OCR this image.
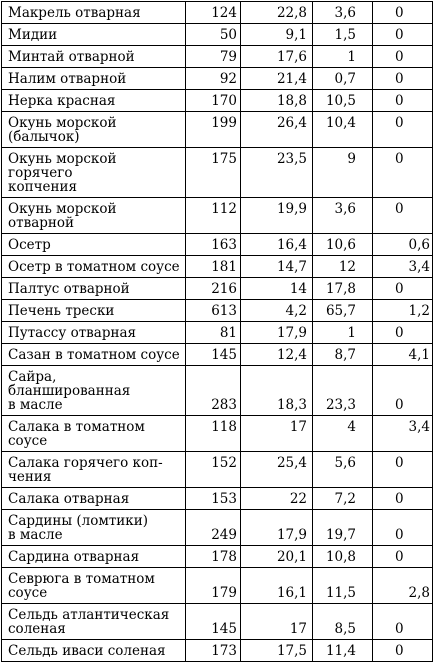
Макрель отварная	124	22,8	3,6	0
Мидии	50	9,1	1,5	0
Минтай отварной	79	17,6	1	0
Налим отварной	92	21,4	0,7	0
Нерка красная	170	18,8	10,5	0
Окунь морской (балычок)	199	26,4	10,4	0
Окунь морской горячего
копчения	175	23,5	9	0
Окунь морской отварной	112	19,9	3,6	0
Осетр	163	16,4	10,6	0,6
Осетр в томатном соусе	181	14,7	12	3,4
Палтус отварной	216	14	17,8	0
Печень трески	613	4,2	65,7	1,2
Путассу отварная	81	17,9	1	0
Сазан в томатном соусе	145	12,4	8,7	4,1
Сайра, бланшированная
в масле	283	18,3	23,3	0
Салака в томатном соусе	118	17	4	3,4
Салака горячего коп-
чения	152	25,4	5,6	0
Салака отварная	153	22	7,2	0
Сардины (ломтики)
в масле	249	17,9	19,7	0
Сардина отварная	178	20,1	10,8	0
Севрюга в томатном
соусе	179	16,1	11,5	2,8
Сельдь атлантическая
соленая	145	17	8,5	0
Сельдь иваси соленая	173	17,5	11,4	0
